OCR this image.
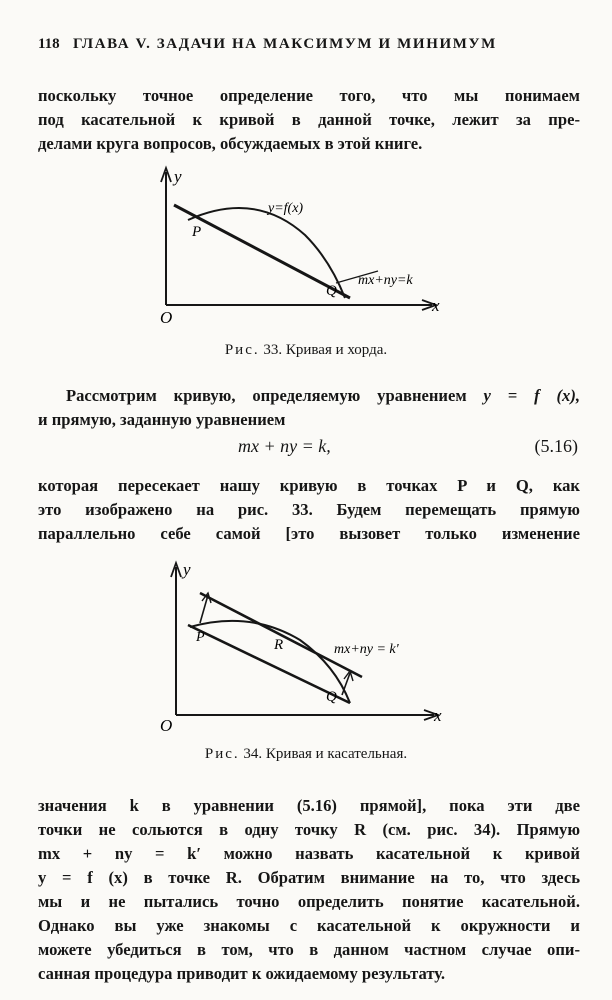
118 ГЛАВА V. ЗАДАЧИ НА МАКСИМУМ И МИНИМУМ
поскольку точное определение того, что мы понимаем
под касательной к кривой в данной точке, лежит за пре-
делами круга вопросов, обсуждаемых в этой книге.
y
x
O
P
Q
y=f(x)
mx+ny=k
Рис. 33. Кривая и хорда.
Рассмотрим кривую, определяемую уравнением y = f (x),
и прямую, заданную уравнением
mx + ny = k,	(5.16)
которая пересекает нашу кривую в точках P и Q, как
это изображено на рис. 33. Будем перемещать прямую
параллельно себе самой [это вызовет только изменение
y
x
O
P
Q
R	mx+ny = k'
Рис. 34. Кривая и касательная.
значения k в уравнении (5.16) прямой], пока эти две
точки не сольются в одну точку R (см. рис. 34). Прямую
mx + ny = k′ можно назвать касательной к кривой
y = f (x) в точке R. Обратим внимание на то, что здесь
мы и не пытались точно определить понятие касательной.
Однако вы уже знакомы с касательной к окружности и
можете убедиться в том, что в данном частном случае опи-
санная процедура приводит к ожидаемому результату.
